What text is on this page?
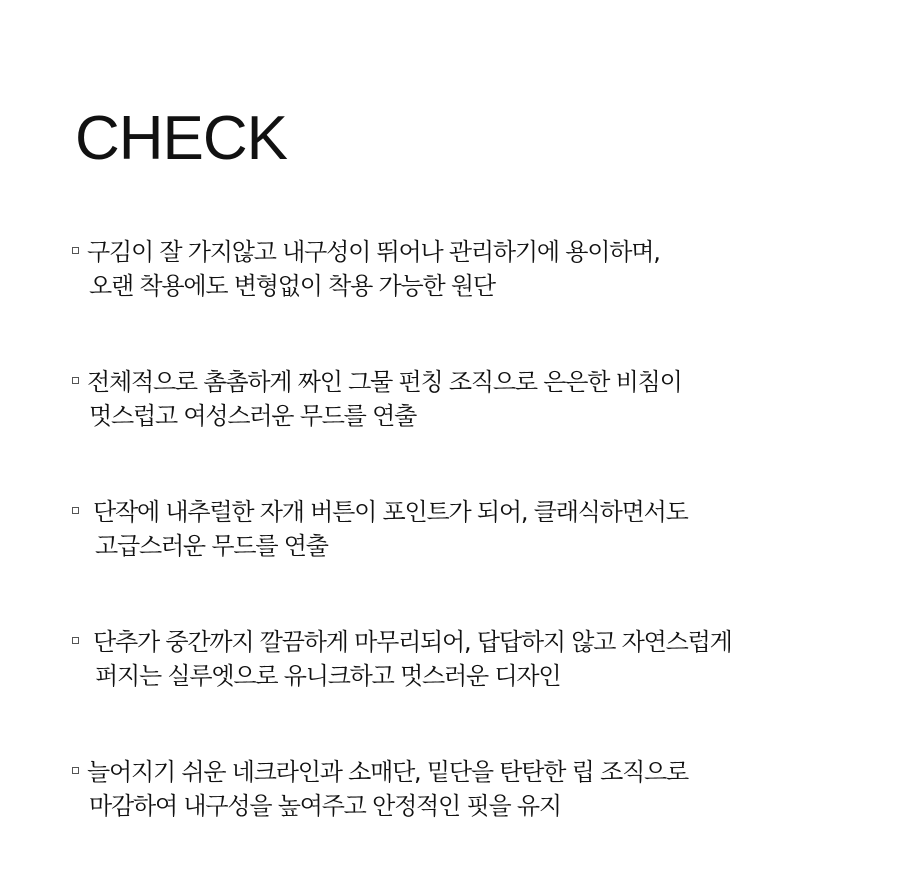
CHECK
구김이 잘 가지않고 내구성이 뛰어나 관리하기에 용이하며,
오랜 착용에도 변형없이 착용 가능한 원단
전체적으로 촘촘하게 짜인 그물 펀칭 조직으로 은은한 비침이
멋스럽고 여성스러운 무드를 연출
단작에 내추럴한 자개 버튼이 포인트가 되어, 클래식하면서도
고급스러운 무드를 연출
단추가 중간까지 깔끔하게 마무리되어, 답답하지 않고 자연스럽게
퍼지는 실루엣으로 유니크하고 멋스러운 디자인
늘어지기 쉬운 네크라인과 소매단, 밑단을 탄탄한 립 조직으로
마감하여 내구성을 높여주고 안정적인 핏을 유지
